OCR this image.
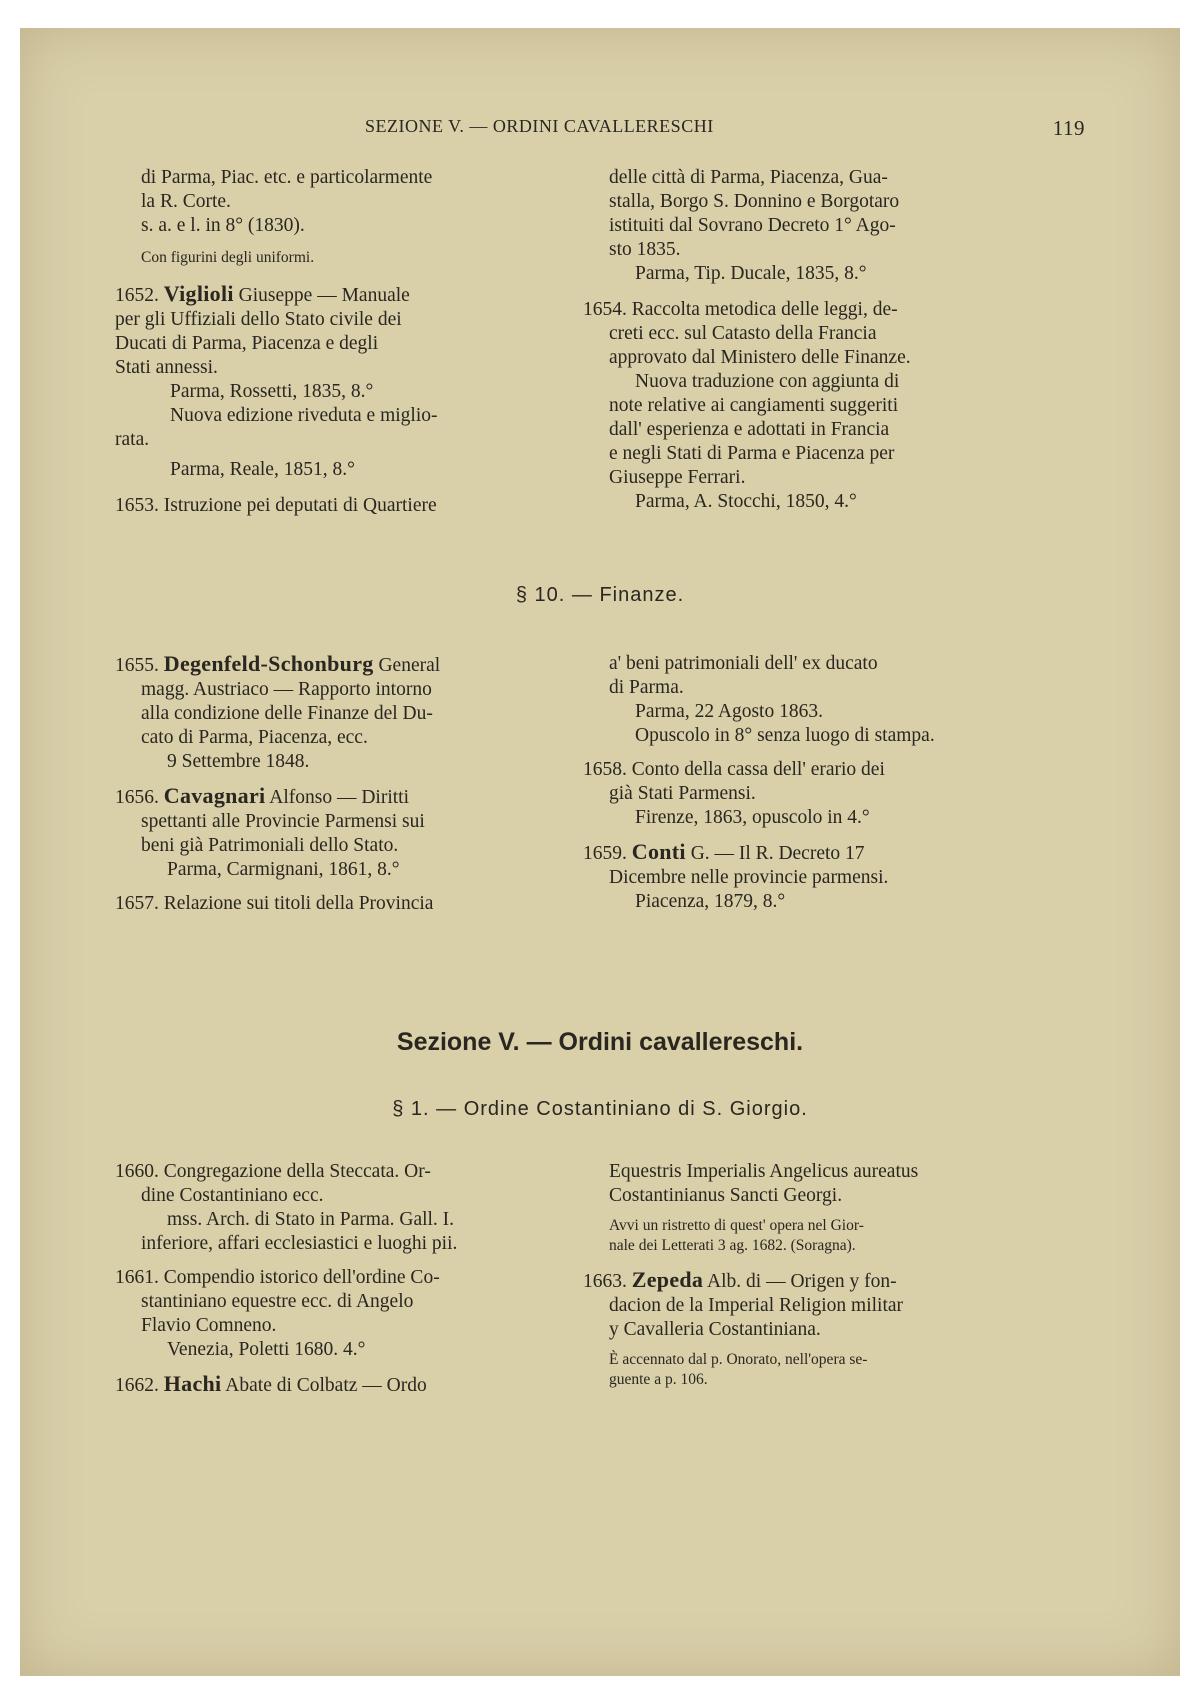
SEZIONE V. — ORDINI CAVALLERESCHI	119
di Parma, Piac. etc. e particolarmente
la R. Corte.
s. a. e l. in 8° (1830).
Con figurini degli uniformi.
1652. Viglioli Giuseppe — Manuale
per gli Uffiziali dello Stato civile dei
Ducati di Parma, Piacenza e degli
Stati annessi.
Parma, Rossetti, 1835, 8.°
Nuova edizione riveduta e miglio-
rata.
Parma, Reale, 1851, 8.°
1653. Istruzione pei deputati di Quartiere
delle città di Parma, Piacenza, Gua-
stalla, Borgo S. Donnino e Borgotaro
istituiti dal Sovrano Decreto 1° Ago-
sto 1835.
Parma, Tip. Ducale, 1835, 8.°
1654. Raccolta metodica delle leggi, de-
creti ecc. sul Catasto della Francia
approvato dal Ministero delle Finanze.
Nuova traduzione con aggiunta di
note relative ai cangiamenti suggeriti
dall' esperienza e adottati in Francia
e negli Stati di Parma e Piacenza per
Giuseppe Ferrari.
Parma, A. Stocchi, 1850, 4.°
§ 10. — Finanze.
1655. Degenfeld-Schonburg General
magg. Austriaco — Rapporto intorno
alla condizione delle Finanze del Du-
cato di Parma, Piacenza, ecc.
9 Settembre 1848.
1656. Cavagnari Alfonso — Diritti
spettanti alle Provincie Parmensi sui
beni già Patrimoniali dello Stato.
Parma, Carmignani, 1861, 8.°
1657. Relazione sui titoli della Provincia
a' beni patrimoniali dell' ex ducato
di Parma.
Parma, 22 Agosto 1863.
Opuscolo in 8° senza luogo di stampa.
1658. Conto della cassa dell' erario dei
già Stati Parmensi.
Firenze, 1863, opuscolo in 4.°
1659. Conti G. — Il R. Decreto 17
Dicembre nelle provincie parmensi.
Piacenza, 1879, 8.°
Sezione V. — Ordini cavallereschi.
§ 1. — Ordine Costantiniano di S. Giorgio.
1660. Congregazione della Steccata. Or-
dine Costantiniano ecc.
mss. Arch. di Stato in Parma. Gall. I.
inferiore, affari ecclesiastici e luoghi pii.
1661. Compendio istorico dell'ordine Co-
stantiniano equestre ecc. di Angelo
Flavio Comneno.
Venezia, Poletti 1680. 4.°
1662. Hachi Abate di Colbatz — Ordo
Equestris Imperialis Angelicus aureatus
Costantinianus Sancti Georgi.
Avvi un ristretto di quest' opera nel Gior-
nale dei Letterati 3 ag. 1682. (Soragna).
1663. Zepeda Alb. di — Origen y fon-
dacion de la Imperial Religion militar
y Cavalleria Costantiniana.
È accennato dal p. Onorato, nell'opera se-
guente a p. 106.
